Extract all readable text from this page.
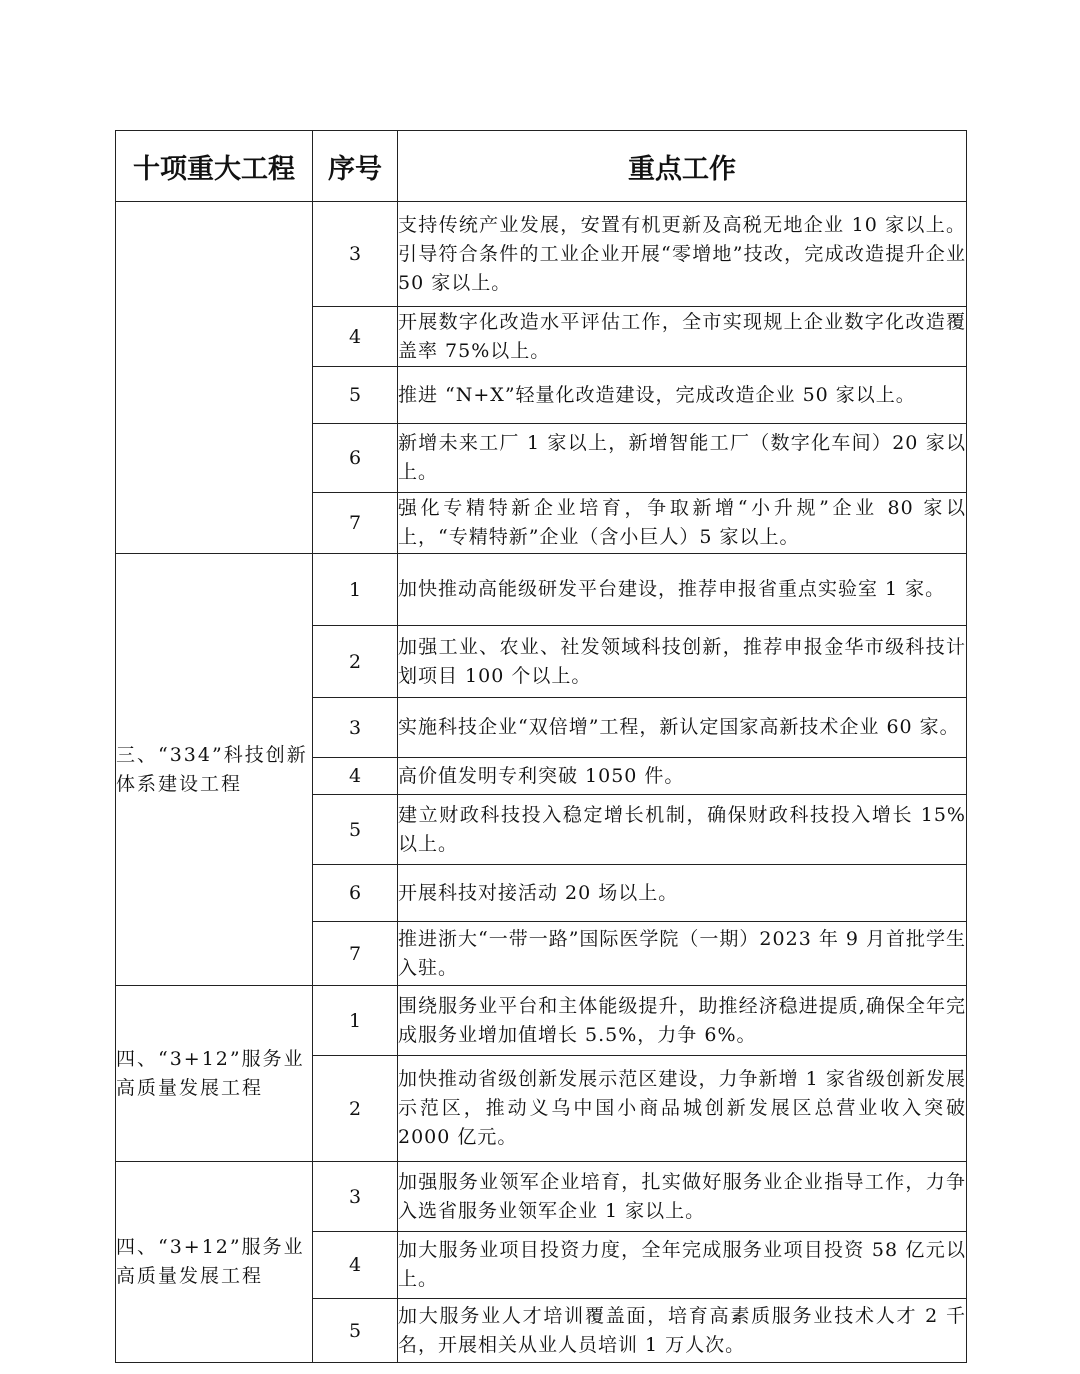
十项重大工程	序号	重点工作
	3	支持传统产业发展，安置有机更新及高税无地企业 10 家以上。引导符合条件的工业企业开展“零增地”技改，完成改造提升企业 50 家以上。
	4	开展数字化改造水平评估工作，全市实现规上企业数字化改造覆盖率 75%以上。
	5	推进 “N+X”轻量化改造建设，完成改造企业 50 家以上。
	6	新增未来工厂 1 家以上，新增智能工厂（数字化车间）20 家以上。
	7	强化专精特新企业培育，争取新增“小升规”企业 80 家以上，“专精特新”企业（含小巨人）5 家以上。
三、“334”科技创新体系建设工程	1	加快推动高能级研发平台建设，推荐申报省重点实验室 1 家。
	2	加强工业、农业、社发领域科技创新，推荐申报金华市级科技计划项目 100 个以上。
	3	实施科技企业“双倍增”工程，新认定国家高新技术企业 60 家。
	4	高价值发明专利突破 1050 件。
	5	建立财政科技投入稳定增长机制，确保财政科技投入增长 15%以上。
	6	开展科技对接活动 20 场以上。
	7	推进浙大“一带一路”国际医学院（一期）2023 年 9 月首批学生入驻。
四、“3+12”服务业高质量发展工程	1	围绕服务业平台和主体能级提升，助推经济稳进提质,确保全年完成服务业增加值增长 5.5%，力争 6%。
	2	加快推动省级创新发展示范区建设，力争新增 1 家省级创新发展示范区，推动义乌中国小商品城创新发展区总营业收入突破 2000 亿元。
四、“3+12”服务业高质量发展工程	3	加强服务业领军企业培育，扎实做好服务业企业指导工作，力争入选省服务业领军企业 1 家以上。
	4	加大服务业项目投资力度，全年完成服务业项目投资 58 亿元以上。
	5	加大服务业人才培训覆盖面，培育高素质服务业技术人才 2 千名，开展相关从业人员培训 1 万人次。
